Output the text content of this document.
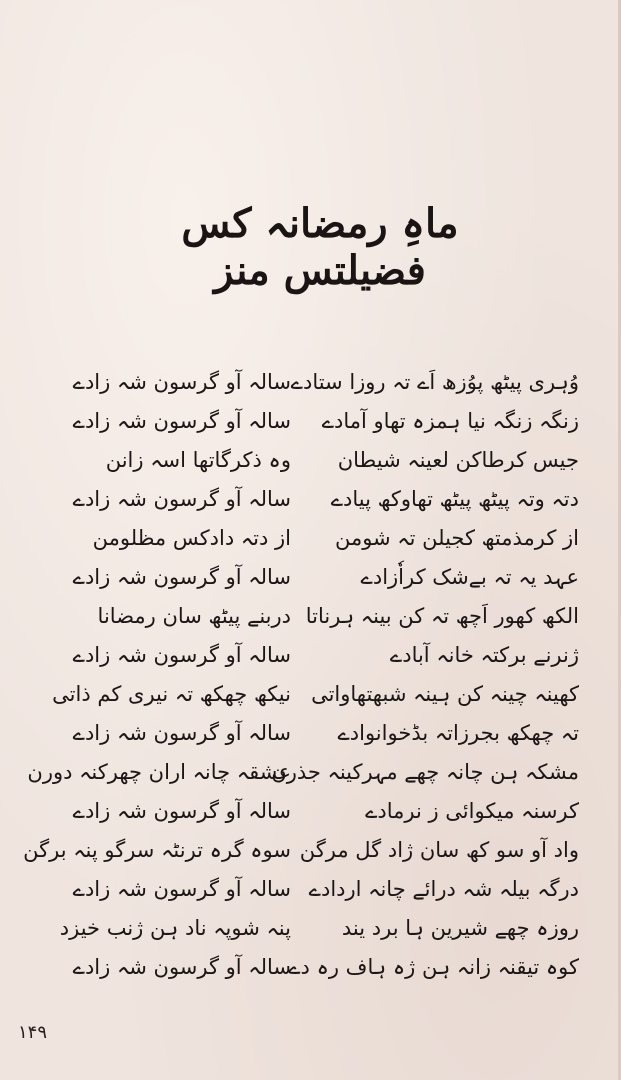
ماہِ رمضانہ کس فضیلتس منز
وُہری پیٹھ پوُزھ اَے تہ روزا ستادے
سالہ آو گرسون شہ زادے
زنگہ زنگہ نیا ہمزہ تھاو آمادے
سالہ آو گرسون شہ زادے
جیس کرطاکن لعینہ شیطان
وہ ذکرگاتھا اسہ زانن
دتہ وتہ پیٹھ پیٹھ تھاوکھ پیادے
سالہ آو گرسون شہ زادے
از کرمذمتھ کجیلن تہ شومن
از دتہ دادکس مظلومن
عہد یہ تہ بےشک کراٗزادے
سالہ آو گرسون شہ زادے
الکھ کھور اَچھ تہ کن بینہ ہرناتا
دربنے پیٹھ سان رمضانا
ژنرنے برکتہ خانہ آبادے
سالہ آو گرسون شہ زادے
کھینہ چینہ کن ہینہ شبھتھاواتی
نیکھ چھکھ تہ نیری کم ذاتی
تہ چھکھ بجرزاتہ بڈخوانوادے
سالہ آو گرسون شہ زادے
مشکہ ہن چانہ چھے مہرکینہ جذرن
عشقہ چانہ اران چھرکنہ دورن
کرسنہ میکوائی ز نرمادے
سالہ آو گرسون شہ زادے
واد آو سو کھ سان ژاد گل مرگن
سوہ گرہ ترنٹہ سرگو پنہ برگن
درگہ بیلہ شہ درائے چانہ اردادے
سالہ آو گرسون شہ زادے
روزہ چھے شیرین ہا برد یند
پنہ شوپہ ناد ہن ژنب خیزد
کوہ تیقنہ زانہ ہن ژہ ہاف رہ دے
سالہ آو گرسون شہ زادے
۱۴۹
